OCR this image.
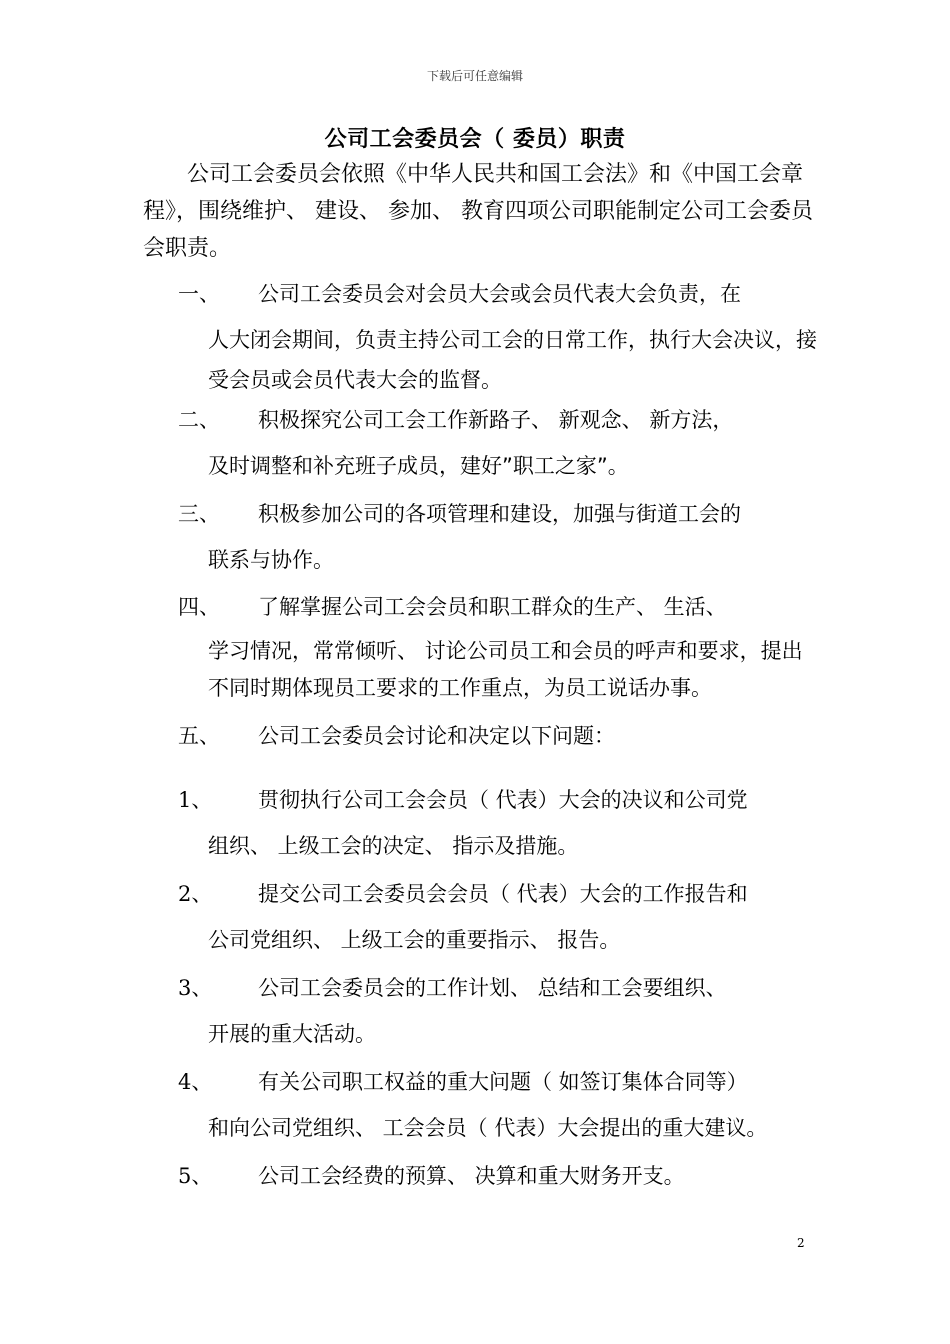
下载后可任意编辑
公司工会委员会（ 委员）职责

公司工会委员会依照《中华人民共和国工会法》和《中国工会章程》，围绕维护、 建设、 参加、 教育四项公司职能制定公司工会委员会职责。

一、	公司工会委员会对会员大会或会员代表大会负责，在
人大闭会期间，负责主持公司工会的日常工作，执行大会决议，接受会员或会员代表大会的监督。
二、	积极探究公司工会工作新路子、 新观念、 新方法，
及时调整和补充班子成员，建好”职工之家”。
三、	积极参加公司的各项管理和建设，加强与街道工会的
联系与协作。
四、	了解掌握公司工会会员和职工群众的生产、 生活、
学习情况，常常倾听、 讨论公司员工和会员的呼声和要求，提出不同时期体现员工要求的工作重点，为员工说话办事。
五、	公司工会委员会讨论和决定以下问题：
1、	贯彻执行公司工会会员（ 代表）大会的决议和公司党
组织、 上级工会的决定、 指示及措施。
2、	提交公司工会委员会会员（ 代表）大会的工作报告和
公司党组织、 上级工会的重要指示、 报告。
3、	公司工会委员会的工作计划、 总结和工会要组织、
开展的重大活动。
4、	有关公司职工权益的重大问题（ 如签订集体合同等）
和向公司党组织、 工会会员（ 代表）大会提出的重大建议。
5、	公司工会经费的预算、 决算和重大财务开支。
2
